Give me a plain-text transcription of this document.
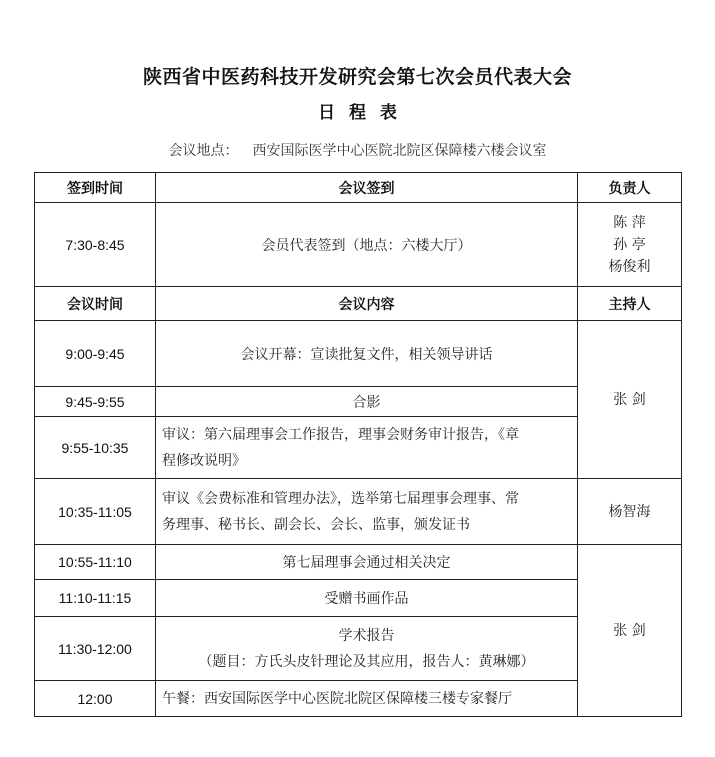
陕西省中医药科技开发研究会第七次会员代表大会
日 程 表
会议地点： 西安国际医学中心医院北院区保障楼六楼会议室
签到时间	会议签到	负责人
7:30-8:45	会员代表签到（地点：六楼大厅）	陈 萍
孙 亭
杨俊利

会议时间	会议内容	主持人
9:00-9:45	会议开幕：宣读批复文件，相关领导讲话	张 剑
9:45-9:55	合影	
9:55-10:35	审议：第六届理事会工作报告，理事会财务审计报告，《章
程修改说明》	

10:35-11:05	审议《会费标准和管理办法》，选举第七届理事会理事、常
务理事、秘书长、副会长、会长、监事，颁发证书	杨智海
10:55-11:10	第七届理事会通过相关决定	张 剑
11:10-11:15	受赠书画作品	
11:30-12:00	学术报告
（题目：方氏头皮针理论及其应用，报告人：黄琳娜）	

12:00	午餐：西安国际医学中心医院北院区保障楼三楼专家餐厅	
